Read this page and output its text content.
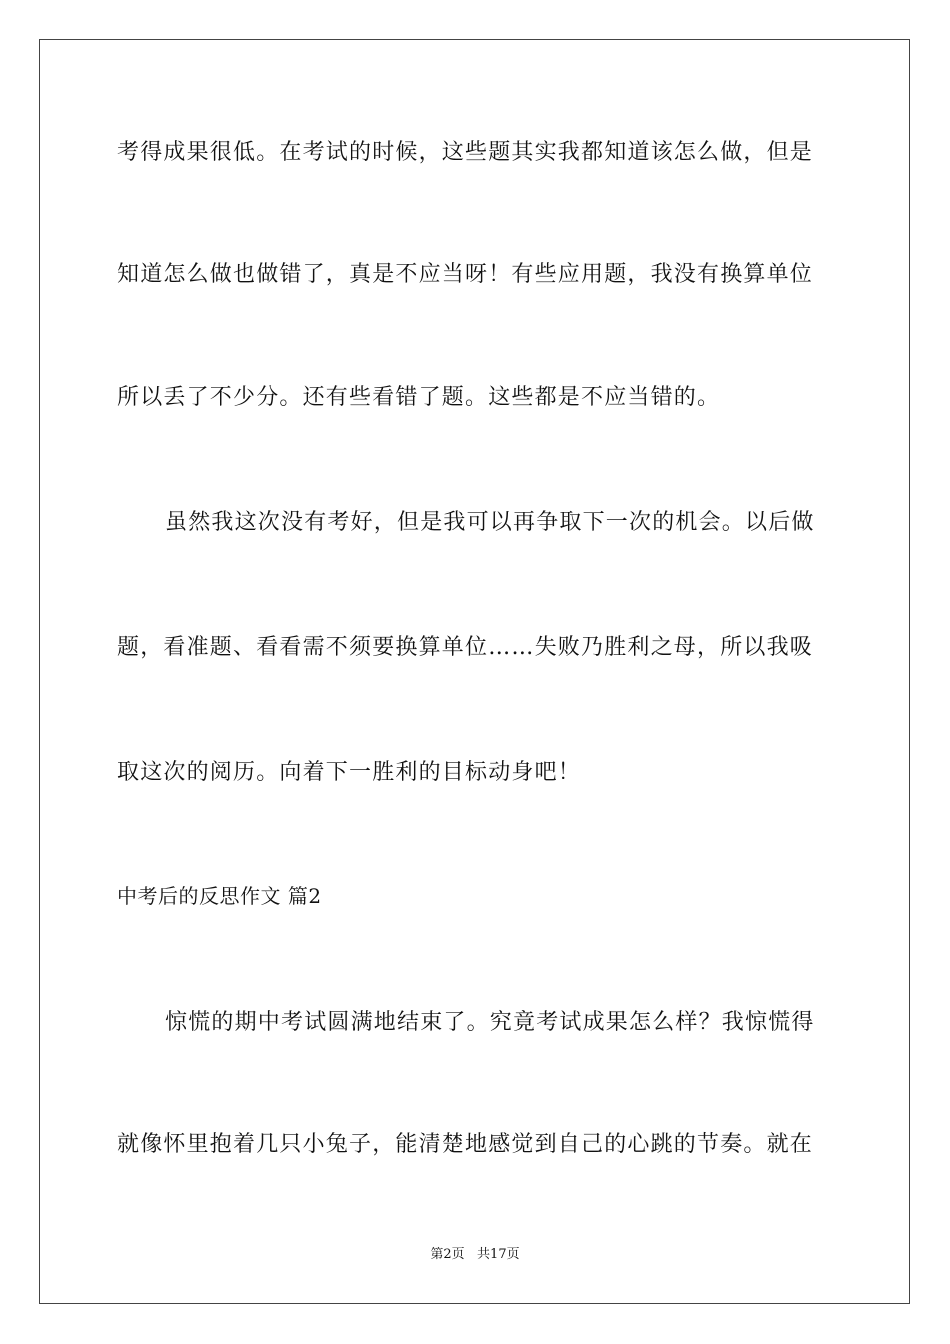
考得成果很低。在考试的时候，这些题其实我都知道该怎么做，但是
知道怎么做也做错了，真是不应当呀！有些应用题，我没有换算单位
所以丢了不少分。还有些看错了题。这些都是不应当错的。
虽然我这次没有考好，但是我可以再争取下一次的机会。以后做
题，看准题、看看需不须要换算单位……失败乃胜利之母，所以我吸
取这次的阅历。向着下一胜利的目标动身吧！
中考后的反思作文 篇2
惊慌的期中考试圆满地结束了。究竟考试成果怎么样？我惊慌得
就像怀里抱着几只小兔子，能清楚地感觉到自己的心跳的节奏。就在
第2页   共17页
